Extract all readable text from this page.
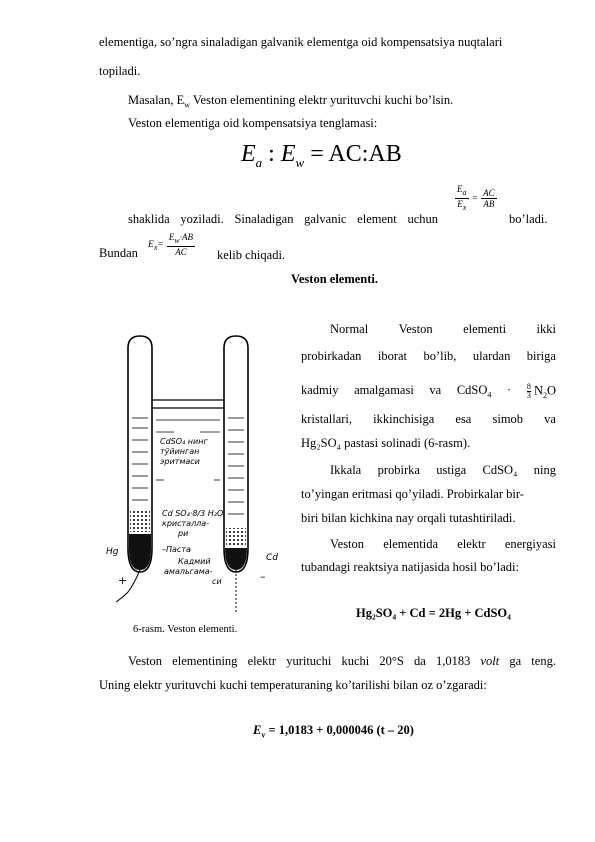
elementiga, so’ngra sinaladigan galvanik elementga oid kompensatsiya nuqtalari
topiladi.
Masalan, $E_w$ Veston elementining elektr yurituvchi kuchi bo’lsin.
Veston elementiga oid kompensatsiya tenglamasi:
$E_a$ : $E_w$ = AC:AB
shaklida yoziladi. Sinaladigan galvanic element uchun
$\frac{E_a}{E_x} = \frac{AC}{AB}$
bo’ladi.
Bundan
$E_x= \frac{E_w\cdot AB}{AC}$ kelib chiqadi.
Veston elementi.
Normal Veston elementi ikki
probirkadan iborat bo’lib, ulardan biriga
kadmiy amalgamasi va CdSO$_4$ · $\frac{8}{3} N_2O$
kristallari, ikkinchisiga esa simob va
Hg₂SO₄ pastasi solinadi (6-rasm).
Ikkala probirka ustiga CdSO₄ ning
to’yingan eritmasi qo’yiladi. Probirkalar bir-
biri bilan kichkina nay orqali tutashtiriladi.
Veston elementida elektr energiyasi
tubandagi reaktsiya natijasida hosil bo’ladi:
Hg₂SO₄ + Cd = 2Hg + CdSO₄
CdSO₄ нинг
тўйинган
эритмаси
Cd SO₄·8/3 H₂O
кристалла-
ри
–Паста
Кадмий
амальгама-
си
Hg
Cd
+	–
6-rasm. Veston elementi.
Veston elementining elektr yurituchi kuchi 20°S da 1,0183 volt ga teng.
Uning elektr yurituvchi kuchi temperaturaning ko’tarilishi bilan oz o’zgaradi:
$E_v = 1,0183 + 0,000046$ (t – 20)
